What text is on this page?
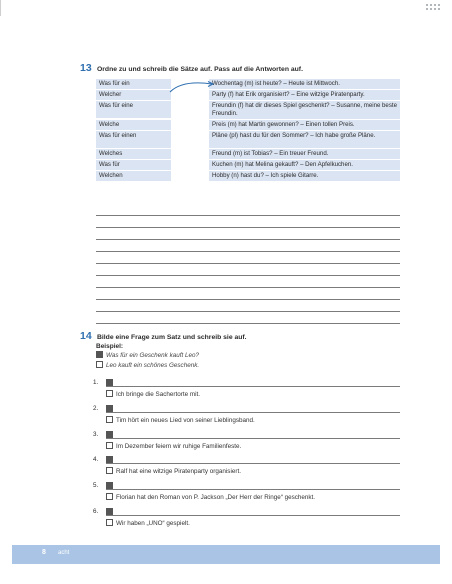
13 Ordne zu und schreib die Sätze auf. Pass auf die Antworten auf.
Was für ein	Wochentag (m) ist heute? – Heute ist Mittwoch.
Welcher	Party (f) hat Erik organisiert? – Eine witzige Piratenparty.
Was für eine	Freundin (f) hat dir dieses Spiel geschenkt? – Susanne, meine beste Freundin.
Welche	Preis (m) hat Martin gewonnen? – Einen tollen Preis.
Was für einen	Pläne (pl) hast du für den Sommer? – Ich habe große Pläne.
Welches	Freund (m) ist Tobias? – Ein treuer Freund.
Was für	Kuchen (m) hat Melina gekauft? – Den Apfelkuchen.
Welchen	Hobby (n) hast du? – Ich spiele Gitarre.
14 Bilde eine Frage zum Satz und schreib sie auf.
Beispiel:
Was für ein Geschenk kauft Leo?
Leo kauft ein schönes Geschenk.
1.
Ich bringe die Sachertorte mit.
2.
Tim hört ein neues Lied von seiner Lieblingsband.
3.
Im Dezember feiern wir ruhige Familienfeste.
4.
Ralf hat eine witzige Piratenparty organisiert.
5.
Florian hat den Roman von P. Jackson „Der Herr der Ringe“ geschenkt.
6.
Wir haben „UNO“ gespielt.
8 acht
